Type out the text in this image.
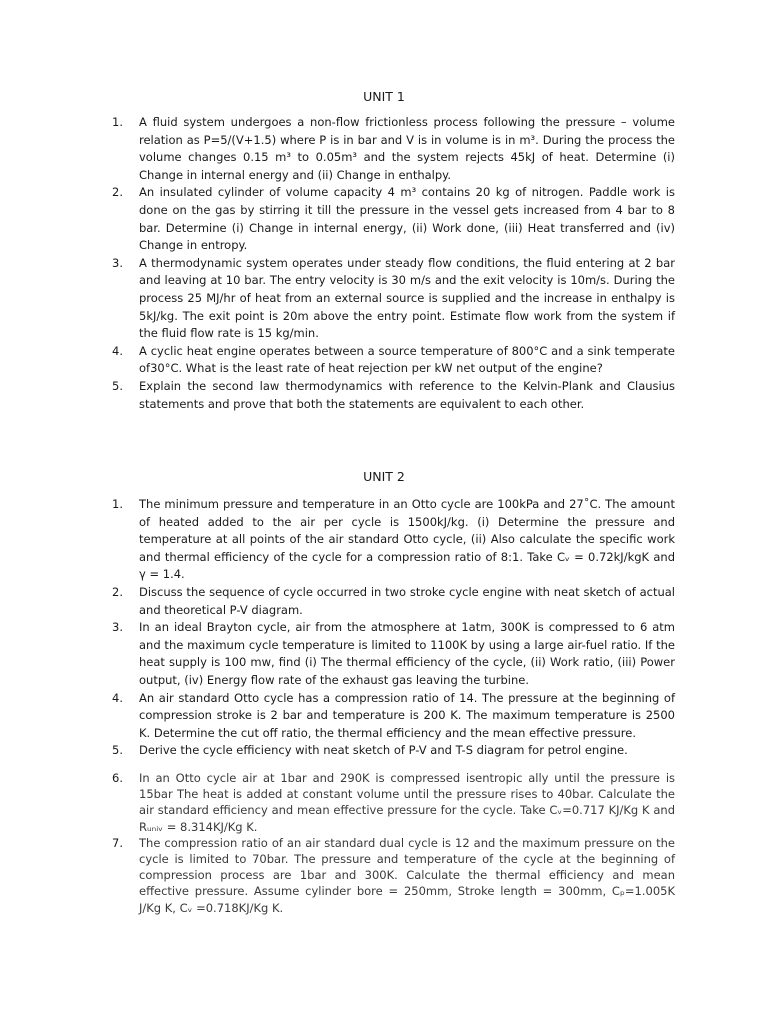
UNIT 1
1.	A fluid system undergoes a non-flow frictionless process following the pressure – volume relation as P=5/(V+1.5) where P is in bar and V is in volume is in m³. During the process the volume changes 0.15 m³ to 0.05m³ and the system rejects 45kJ of heat. Determine (i) Change in internal energy and (ii) Change in enthalpy.
2.	An insulated cylinder of volume capacity 4 m³ contains 20 kg of nitrogen. Paddle work is done on the gas by stirring it till the pressure in the vessel gets increased from 4 bar to 8 bar. Determine (i) Change in internal energy, (ii) Work done, (iii) Heat transferred and (iv) Change in entropy.
3.	A thermodynamic system operates under steady flow conditions, the fluid entering at 2 bar and leaving at 10 bar. The entry velocity is 30 m/s and the exit velocity is 10m/s. During the process 25 MJ/hr of heat from an external source is supplied and the increase in enthalpy is 5kJ/kg. The exit point is 20m above the entry point. Estimate flow work from the system if the fluid flow rate is 15 kg/min.
4.	A cyclic heat engine operates between a source temperature of 800°C and a sink temperate of30°C. What is the least rate of heat rejection per kW net output of the engine?
5.	Explain the second law thermodynamics with reference to the Kelvin-Plank and Clausius statements and prove that both the statements are equivalent to each other.
UNIT 2
1.	The minimum pressure and temperature in an Otto cycle are 100kPa and 27˚C. The amount of heated added to the air per cycle is 1500kJ/kg. (i) Determine the pressure and temperature at all points of the air standard Otto cycle, (ii) Also calculate the specific work and thermal efficiency of the cycle for a compression ratio of 8:1. Take Cᵥ = 0.72kJ/kgK and γ = 1.4.
2.	Discuss the sequence of cycle occurred in two stroke cycle engine with neat sketch of actual and theoretical P-V diagram.
3.	In an ideal Brayton cycle, air from the atmosphere at 1atm, 300K is compressed to 6 atm and the maximum cycle temperature is limited to 1100K by using a large air-fuel ratio. If the heat supply is 100 mw, find (i) The thermal efficiency of the cycle, (ii) Work ratio, (iii) Power output, (iv) Energy flow rate of the exhaust gas leaving the turbine.
4.	An air standard Otto cycle has a compression ratio of 14. The pressure at the beginning of compression stroke is 2 bar and temperature is 200 K. The maximum temperature is 2500 K. Determine the cut off ratio, the thermal efficiency and the mean effective pressure.
5.	Derive the cycle efficiency with neat sketch of P-V and T-S diagram for petrol engine.
6.	In an Otto cycle air at 1bar and 290K is compressed isentropic ally until the pressure is 15bar The heat is added at constant volume until the pressure rises to 40bar. Calculate the air standard efficiency and mean effective pressure for the cycle. Take Cᵥ=0.717 KJ/Kg K and Rᵤₙᵢᵥ = 8.314KJ/Kg K.
7.	The compression ratio of an air standard dual cycle is 12 and the maximum pressure on the cycle is limited to 70bar. The pressure and temperature of the cycle at the beginning of compression process are 1bar and 300K. Calculate the thermal efficiency and mean effective pressure. Assume cylinder bore = 250mm, Stroke length = 300mm, Cₚ=1.005K J/Kg K, Cᵥ =0.718KJ/Kg K.
